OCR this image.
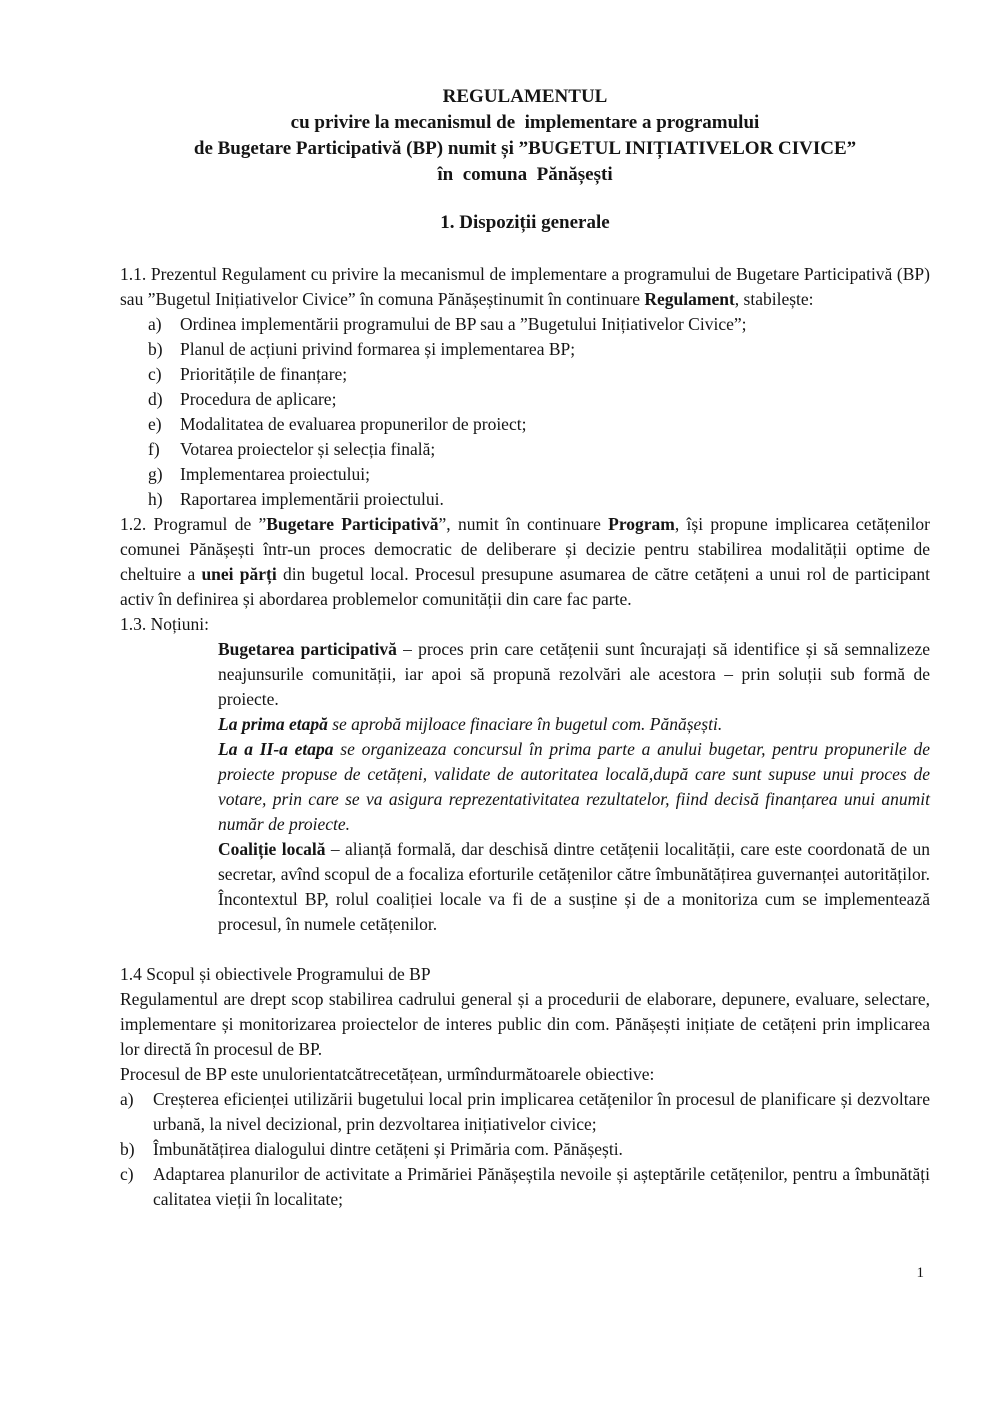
REGULAMENTUL
cu privire la mecanismul de  implementare a programului
de Bugetare Participativă (BP) numit și ”BUGETUL INIȚIATIVELOR CIVICE”
în  comuna  Pănășești
1. Dispoziții generale

1.1. Prezentul Regulament cu privire la mecanismul de implementare a programului de Bugetare Participativă (BP) sau ”Bugetul Inițiativelor Civice” în comuna Pănășeștinumit în continuare Regulament, stabilește:

a) Ordinea implementării programului de BP sau a ”Bugetului Inițiativelor Civice”;
b) Planul de acțiuni privind formarea și implementarea BP;
c) Prioritățile de finanțare;
d) Procedura de aplicare;
e) Modalitatea de evaluarea propunerilor de proiect;
f) Votarea proiectelor și selecția finală;
g) Implementarea proiectului;
h) Raportarea implementării proiectului.

1.2. Programul de ”Bugetare Participativă”, numit în continuare Program, își propune implicarea cetățenilor comunei Pănășești într-un proces democratic de deliberare și decizie pentru stabilirea modalității optime de cheltuire a unei părți din bugetul local. Procesul presupune asumarea de către cetățeni a unui rol de participant activ în definirea și abordarea problemelor comunității din care fac parte.

1.3. Noțiuni:

Bugetarea participativă – proces prin care cetățenii sunt încurajați să identifice și să semnalizeze neajunsurile comunității, iar apoi să propună rezolvări ale acestora – prin soluții sub formă de proiecte.

La prima etapă se aprobă mijloace finaciare în bugetul com. Pănășești.

La a II-a etapa se organizeaza concursul în prima parte a anului bugetar, pentru propunerile de proiecte propuse de cetățeni, validate de autoritatea locală,după care sunt supuse unui proces de votare, prin care se va asigura reprezentativitatea rezultatelor, fiind decisă finanțarea unui anumit număr de proiecte.

Coaliție locală – alianță formală, dar deschisă dintre cetățenii localității, care este coordonată de un secretar, avînd scopul de a focaliza eforturile cetățenilor către îmbunătățirea guvernanței autorităților. Încontextul BP, rolul coaliției locale va fi de a susține și de a monitoriza cum se implementează procesul, în numele cetățenilor.

1.4 Scopul și obiectivele Programului de BP

Regulamentul are drept scop stabilirea cadrului general și a procedurii de elaborare, depunere, evaluare, selectare, implementare și monitorizarea proiectelor de interes public din com. Pănășești inițiate de cetățeni prin implicarea lor directă în procesul de BP.

Procesul de BP este unulorientatcătrecetățean, urmîndurmătoarele obiective:

a) Creșterea eficienței utilizării bugetului local prin implicarea cetățenilor în procesul de planificare și dezvoltare urbană, la nivel decizional, prin dezvoltarea inițiativelor civice;
b) Îmbunătățirea dialogului dintre cetățeni și Primăria com. Pănășești.
c) Adaptarea planurilor de activitate a Primăriei Pănășeștila nevoile și așteptările cetățenilor, pentru a îmbunătăți calitatea vieții în localitate;
1
